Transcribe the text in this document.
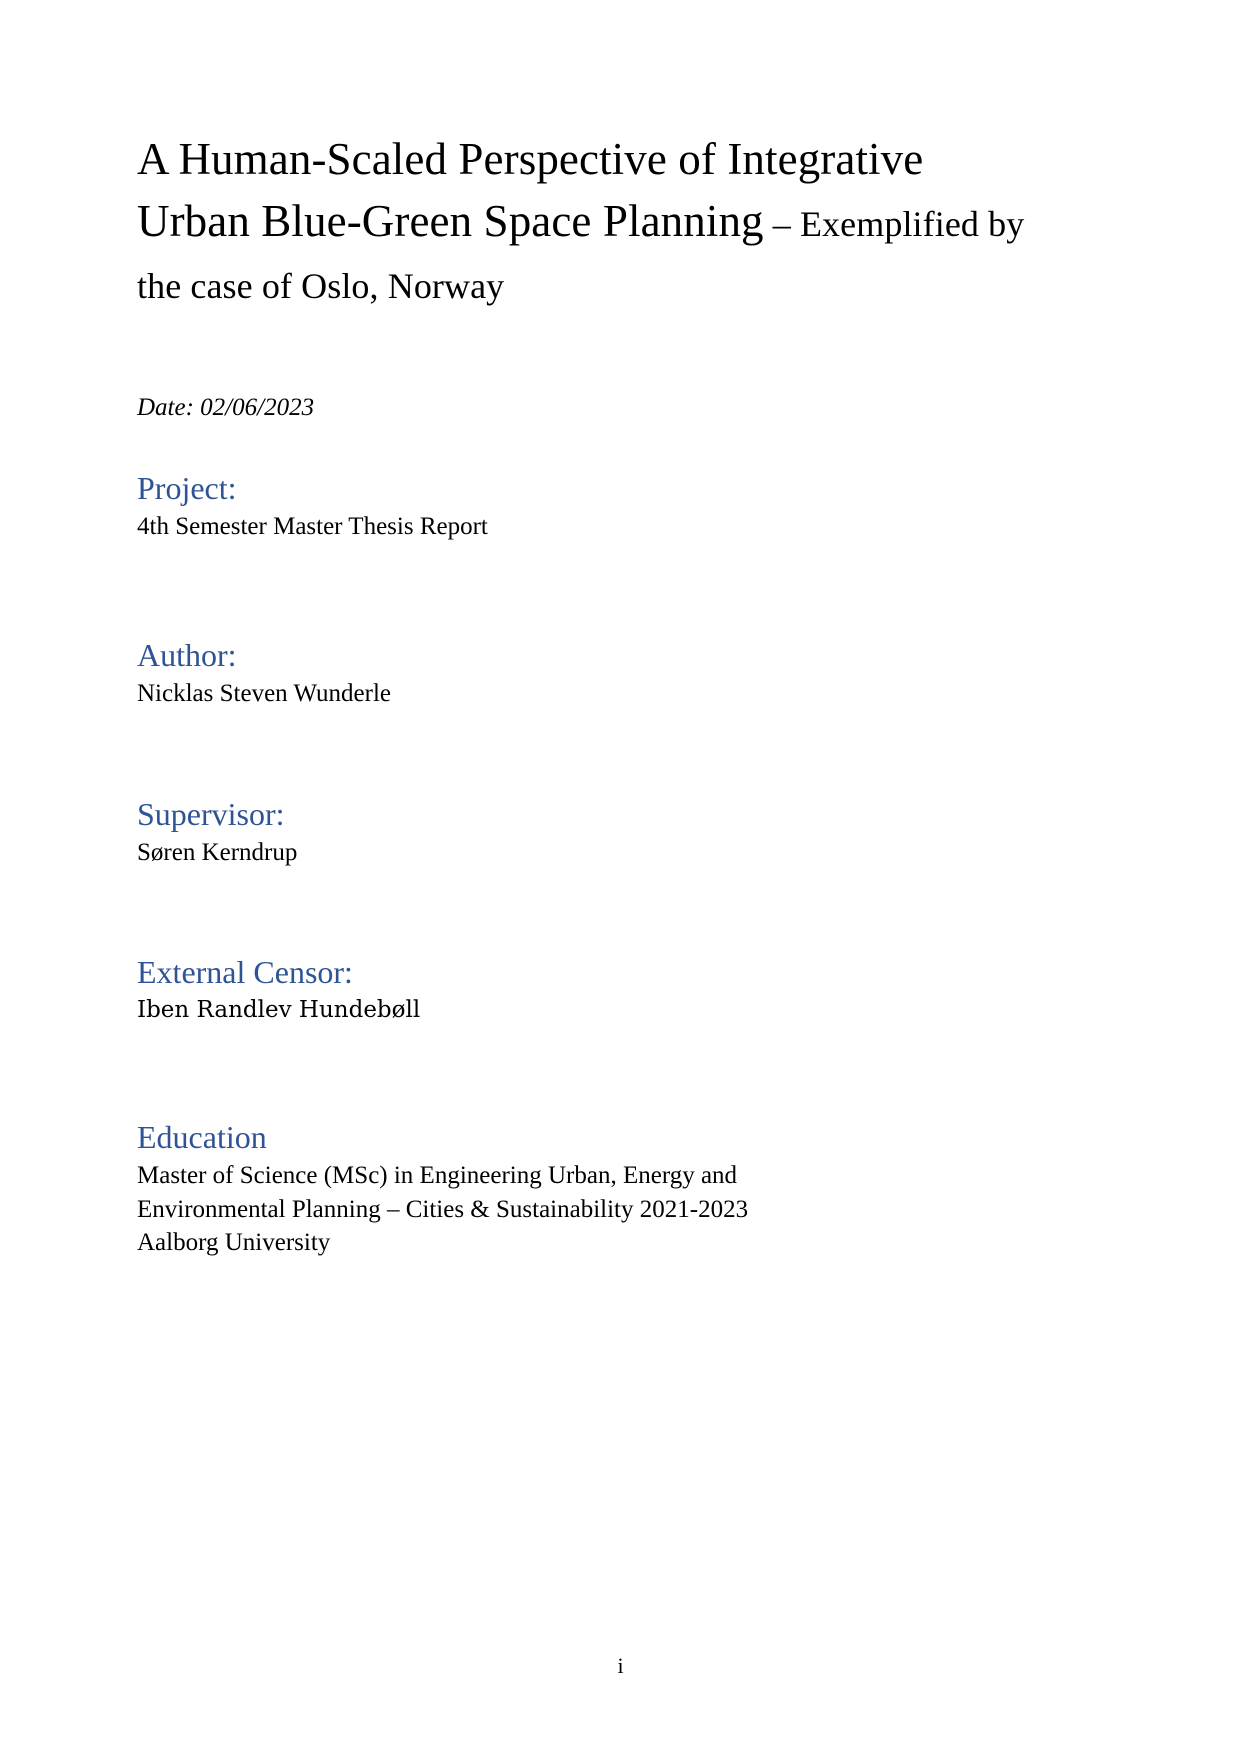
A Human-Scaled Perspective of Integrative Urban Blue-Green Space Planning – Exemplified by the case of Oslo, Norway

Date: 02/06/2023

Project:

4th Semester Master Thesis Report

Author:

Nicklas Steven Wunderle

Supervisor:

Søren Kerndrup

External Censor:

Iben Randlev Hundebøll

Education

Master of Science (MSc) in Engineering Urban, Energy and
Environmental Planning – Cities & Sustainability 2021-2023
Aalborg University

i
